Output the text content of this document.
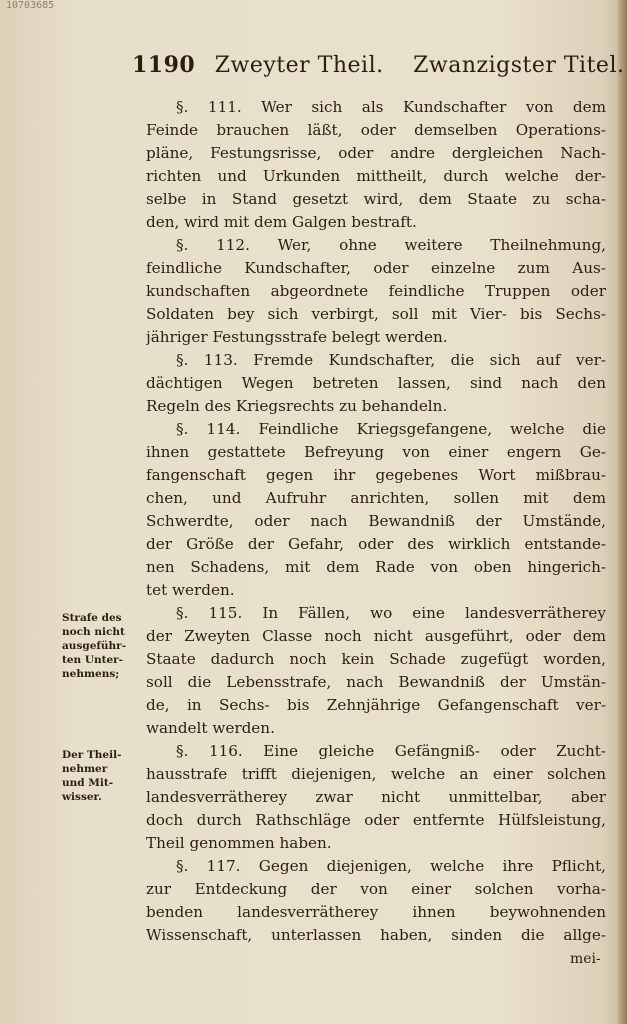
10703685
1190 Zweyter Theil. Zwanzigster Titel.
§. 111. Wer sich als Kundschafter von dem
Feinde brauchen läßt, oder demselben Operations-
pläne, Festungsrisse, oder andre dergleichen Nach-
richten und Urkunden mittheilt, durch welche der-
selbe in Stand gesetzt wird, dem Staate zu scha-
den, wird mit dem Galgen bestraft.
§. 112. Wer, ohne weitere Theilnehmung,
feindliche Kundschafter, oder einzelne zum Aus-
kundschaften abgeordnete feindliche Truppen oder
Soldaten bey sich verbirgt, soll mit Vier- bis Sechs-
jähriger Festungsstrafe belegt werden.
§. 113. Fremde Kundschafter, die sich auf ver-
dächtigen Wegen betreten lassen, sind nach den
Regeln des Kriegsrechts zu behandeln.
§. 114. Feindliche Kriegsgefangene, welche die
ihnen gestattete Befreyung von einer engern Ge-
fangenschaft gegen ihr gegebenes Wort mißbrau-
chen, und Aufruhr anrichten, sollen mit dem
Schwerdte, oder nach Bewandniß der Umstände,
der Größe der Gefahr, oder des wirklich entstande-
nen Schadens, mit dem Rade von oben hingerich-
tet werden.
§. 115. In Fällen, wo eine landesverrätherey
der Zweyten Classe noch nicht ausgeführt, oder dem
Staate dadurch noch kein Schade zugefügt worden,
soll die Lebensstrafe, nach Bewandniß der Umstän-
de, in Sechs- bis Zehnjährige Gefangenschaft ver-
wandelt werden.
§. 116. Eine gleiche Gefängniß- oder Zucht-
hausstrafe trifft diejenigen, welche an einer solchen
landesverrätherey zwar nicht unmittelbar, aber
doch durch Rathschläge oder entfernte Hülfsleistung,
Theil genommen haben.
§. 117. Gegen diejenigen, welche ihre Pflicht,
zur Entdeckung der von einer solchen vorha-
benden landesverrätherey ihnen beywohnenden
Wissenschaft, unterlassen haben, sinden die allge-
Strafe des
noch nicht
ausgeführ-
ten Unter-
nehmens;
Der Theil-
nehmer
und Mit-
wisser.
mei-
